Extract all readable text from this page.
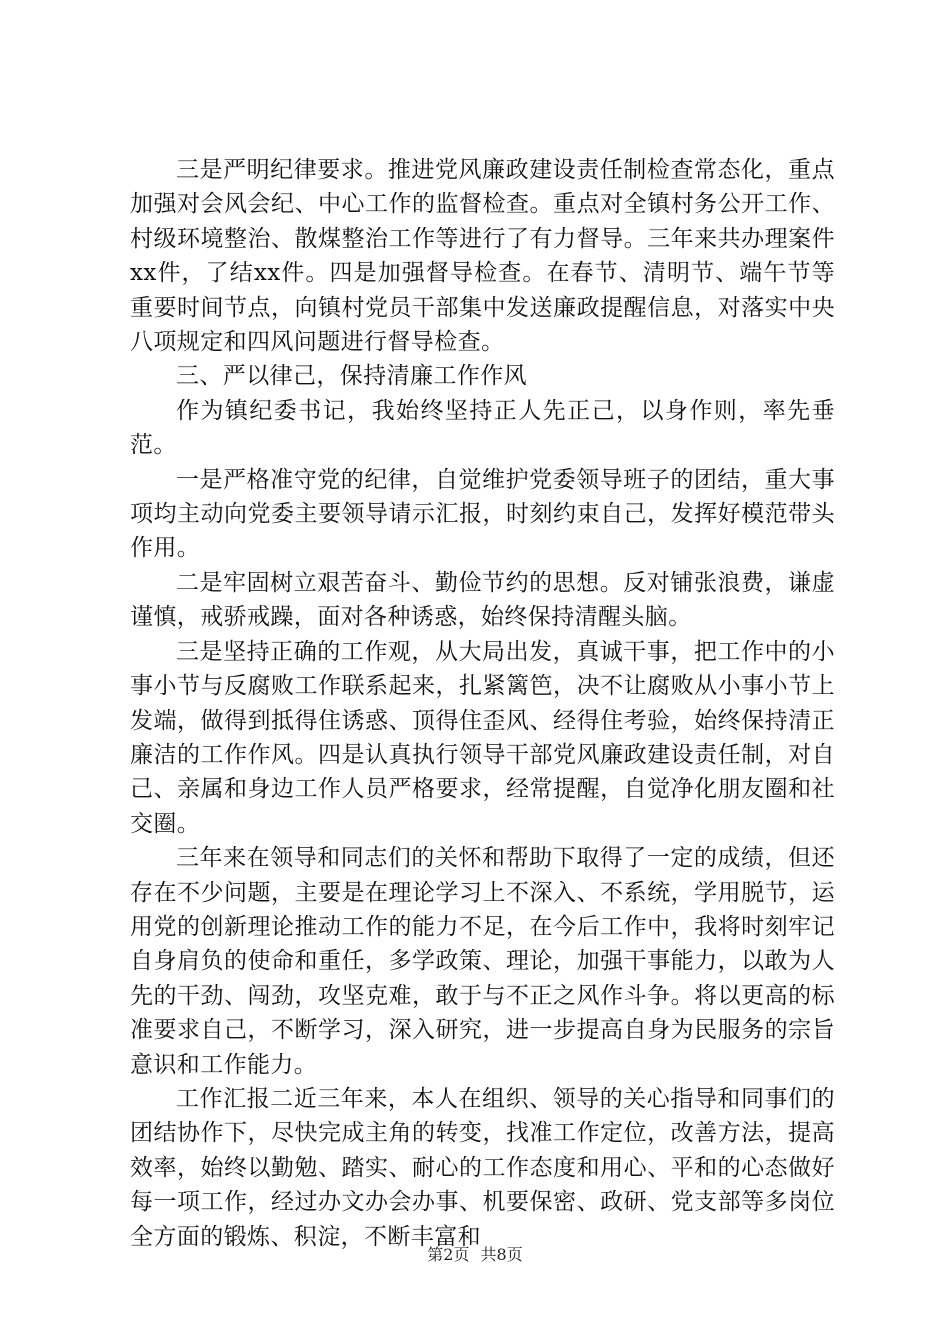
三是严明纪律要求。推进党风廉政建设责任制检查常态化，重点加强对会风会纪、中心工作的监督检查。重点对全镇村务公开工作、村级环境整治、散煤整治工作等进行了有力督导。三年来共办理案件xx件，了结xx件。四是加强督导检查。在春节、清明节、端午节等重要时间节点，向镇村党员干部集中发送廉政提醒信息，对落实中央八项规定和四风问题进行督导检查。

三、严以律己，保持清廉工作作风

作为镇纪委书记，我始终坚持正人先正己，以身作则，率先垂范。

一是严格准守党的纪律，自觉维护党委领导班子的团结，重大事项均主动向党委主要领导请示汇报，时刻约束自己，发挥好模范带头作用。

二是牢固树立艰苦奋斗、勤俭节约的思想。反对铺张浪费，谦虚谨慎，戒骄戒躁，面对各种诱惑，始终保持清醒头脑。

三是坚持正确的工作观，从大局出发，真诚干事，把工作中的小事小节与反腐败工作联系起来，扎紧篱笆，决不让腐败从小事小节上发端，做得到抵得住诱惑、顶得住歪风、经得住考验，始终保持清正廉洁的工作作风。四是认真执行领导干部党风廉政建设责任制，对自己、亲属和身边工作人员严格要求，经常提醒，自觉净化朋友圈和社交圈。

三年来在领导和同志们的关怀和帮助下取得了一定的成绩，但还存在不少问题，主要是在理论学习上不深入、不系统，学用脱节，运用党的创新理论推动工作的能力不足，在今后工作中，我将时刻牢记自身肩负的使命和重任，多学政策、理论，加强干事能力，以敢为人先的干劲、闯劲，攻坚克难，敢于与不正之风作斗争。将以更高的标准要求自己，不断学习，深入研究，进一步提高自身为民服务的宗旨意识和工作能力。

工作汇报二近三年来，本人在组织、领导的关心指导和同事们的团结协作下，尽快完成主角的转变，找准工作定位，改善方法，提高效率，始终以勤勉、踏实、耐心的工作态度和用心、平和的心态做好每一项工作，经过办文办会办事、机要保密、政研、党支部等多岗位全方面的锻炼、积淀，不断丰富和

第2页 共8页
